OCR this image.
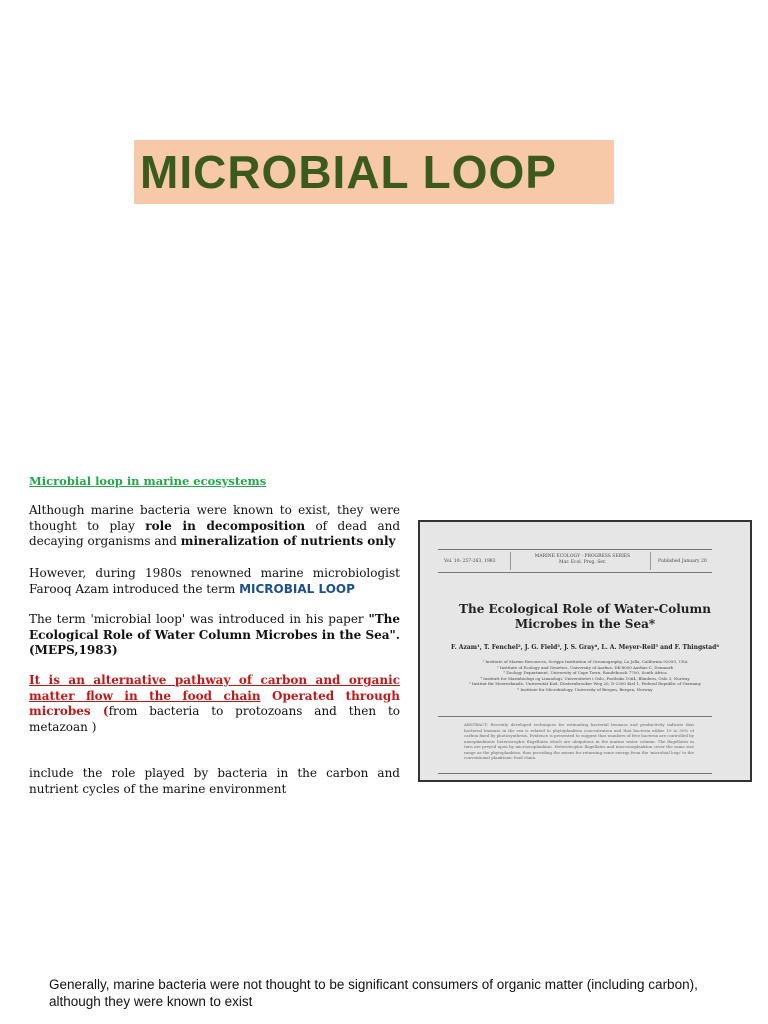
MICROBIAL LOOP
Microbial loop in marine ecosystems

Although marine bacteria were known to exist, they were thought to play role in decomposition of dead and decaying organisms and mineralization of nutrients only

However, during 1980s renowned marine microbiologist Farooq Azam introduced the term MICROBIAL LOOP

The term 'microbial loop' was introduced in his paper "The Ecological Role of Water Column Microbes in the Sea". (MEPS,1983)

It is an alternative pathway of carbon and organic matter flow in the food chain Operated through microbes (from bacteria to protozoans and then to metazoan )

include the role played by bacteria in the carbon and nutrient cycles of the marine environment

Vol. 10: 257-263, 1983
MARINE ECOLOGY - PROGRESS SERIES
Mar. Ecol. Prog. Ser.	Published January 20
The Ecological Role of Water-Column Microbes in the Sea*
F. Azam¹, T. Fenchel², J. G. Field³, J. S. Gray⁴, L. A. Meyer-Reil⁵ and F. Thingstad⁶
¹ Institute of Marine Resources, Scripps Institution of Oceanography, La Jolla, California 92093, USA
² Institute of Ecology and Genetics, University of Aarhus, DK-8000 Aarhus-C, Denmark
³ Zoology Department, University of Cape Town, Rondebosch 7700, South Africa
⁴ Institutt for Marinbiologi og Limnologi, Universitetet i Oslo, Postboks 1064, Blindern, Oslo 3, Norway
⁵ Institut für Meereskunde, Universität Kiel, Düsternbrooker Weg 20, D-2300 Kiel 1, Federal Republic of Germany
⁶ Institute for Microbiology, University of Bergen, Bergen, Norway
ABSTRACT: Recently developed techniques for estimating bacterial biomass and productivity indicate that bacterial biomass in the sea is related to phytoplankton concentration and that bacteria utilize 10 to 50% of carbon fixed by photosynthesis. Evidence is presented to suggest that numbers of free bacteria are controlled by nanoplanktonic heterotrophic flagellates which are ubiquitous in the marine water column. The flagellates in turn are preyed upon by microzooplankton. Heterotrophic flagellates and microzooplankton cover the same size range as the phytoplankton, thus providing the means for returning some energy from the 'microbial loop' to the conventional planktonic food chain.

Generally, marine bacteria were not thought to be significant consumers of organic matter (including carbon), although they were known to exist
